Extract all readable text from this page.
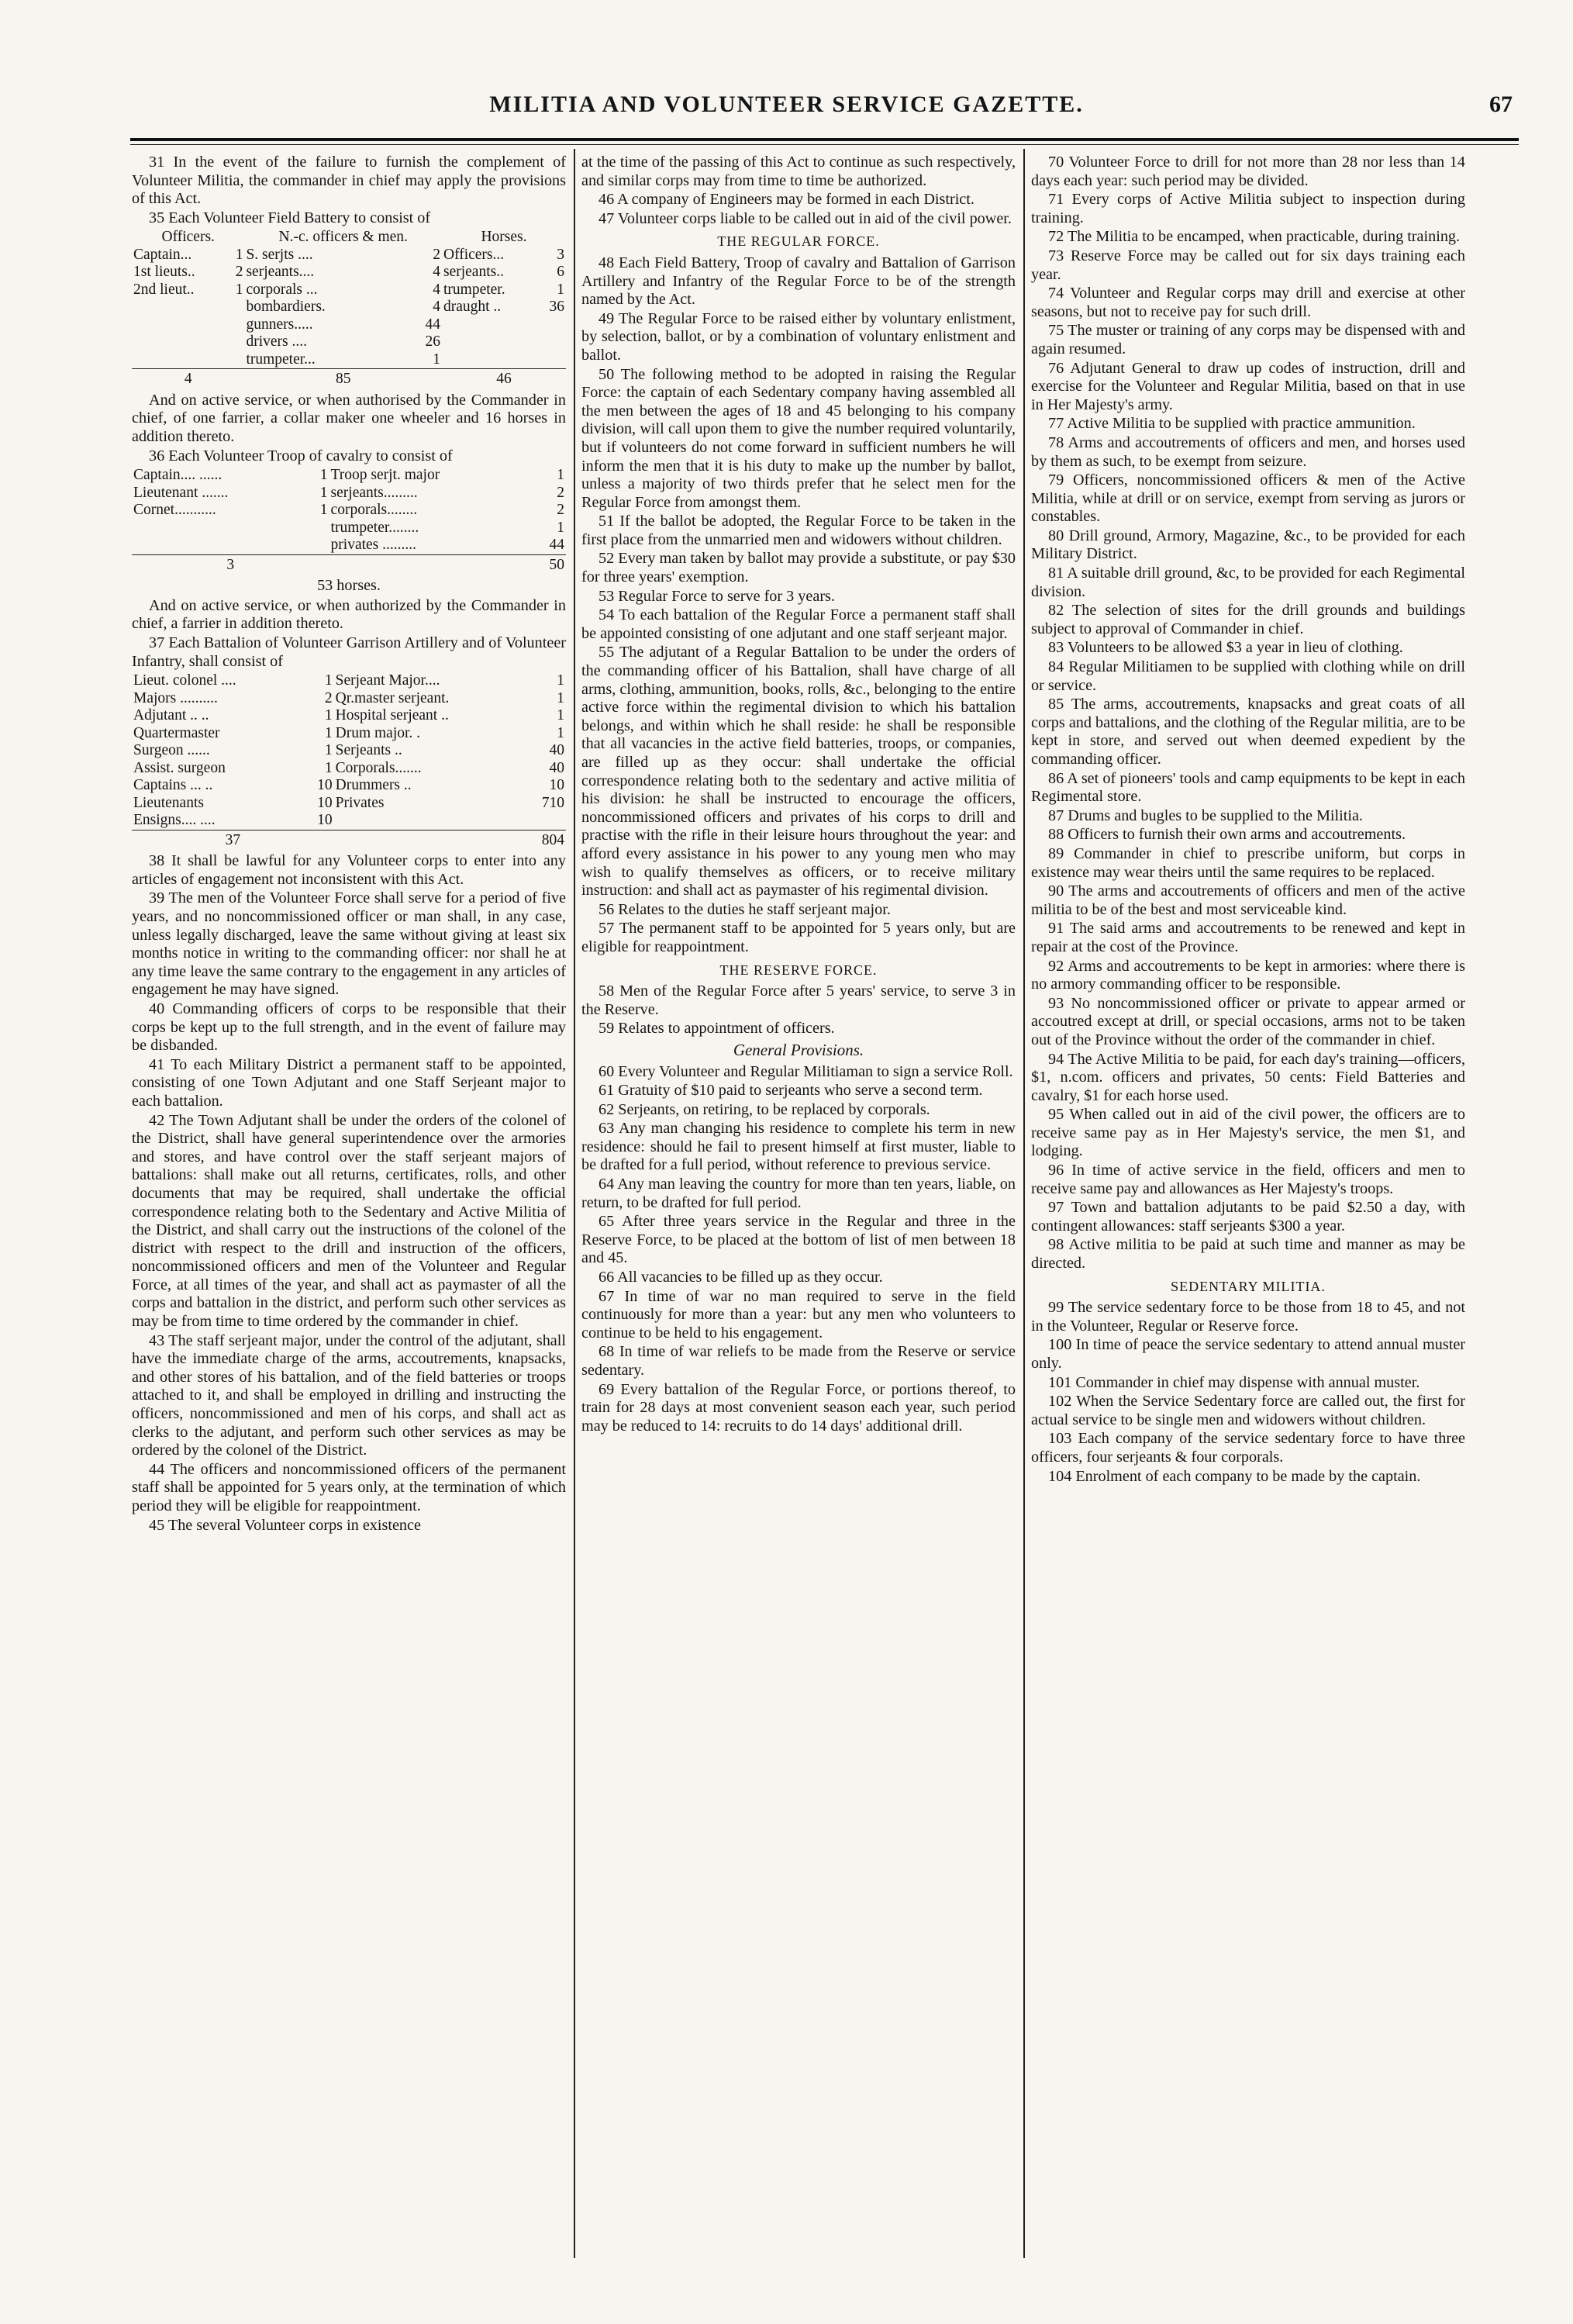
MILITIA AND VOLUNTEER SERVICE GAZETTE.	67

31 In the event of the failure to furnish the complement of Volunteer Militia, the commander in chief may apply the provisions of this Act.

35 Each Volunteer Field Battery to consist of

Officers.		N.-c. officers & men.		Horses.	
Captain...	1	S. serjts ....	2	Officers...	3
1st lieuts..	2	serjeants....	4	serjeants..	6
2nd lieut..	1	corporals ...	4	trumpeter.	1
		bombardiers.	4	draught ..	36
		gunners.....	44		
		drivers ....	26		
		trumpeter...	1		
4		85		46	

And on active service, or when authorised by the Commander in chief, of one farrier, a collar maker one wheeler and 16 horses in addition thereto.

36 Each Volunteer Troop of cavalry to consist of

Captain.... ......	1	Troop serjt. major	1
Lieutenant .......	1	serjeants.........	2
Cornet...........	1	corporals........	2
		trumpeter........	1
		privates .........	44
3		50	

53 horses.

And on active service, or when authorized by the Commander in chief, a farrier in addition thereto.

37 Each Battalion of Volunteer Garrison Artillery and of Volunteer Infantry, shall consist of

Lieut. colonel ....	1	Serjeant Major....	1
Majors ..........	2	Qr.master serjeant.	1
Adjutant .. ..	1	Hospital serjeant ..	1
Quartermaster	1	Drum major. .	1
Surgeon ......	1	Serjeants ..	40
Assist. surgeon	1	Corporals.......	40
Captains ... ..	10	Drummers ..	10
Lieutenants	10	Privates	710
Ensigns.... ....	10		
37		804	

38 It shall be lawful for any Volunteer corps to enter into any articles of engagement not inconsistent with this Act.

39 The men of the Volunteer Force shall serve for a period of five years, and no noncommissioned officer or man shall, in any case, unless legally discharged, leave the same without giving at least six months notice in writing to the commanding officer: nor shall he at any time leave the same contrary to the engagement in any articles of engagement he may have signed.

40 Commanding officers of corps to be responsible that their corps be kept up to the full strength, and in the event of failure may be disbanded.

41 To each Military District a permanent staff to be appointed, consisting of one Town Adjutant and one Staff Serjeant major to each battalion.

42 The Town Adjutant shall be under the orders of the colonel of the District, shall have general superintendence over the armories and stores, and have control over the staff serjeant majors of battalions: shall make out all returns, certificates, rolls, and other documents that may be required, shall undertake the official correspondence relating both to the Sedentary and Active Militia of the District, and shall carry out the instructions of the colonel of the district with respect to the drill and instruction of the officers, noncommissioned officers and men of the Volunteer and Regular Force, at all times of the year, and shall act as paymaster of all the corps and battalion in the district, and perform such other services as may be from time to time ordered by the commander in chief.

43 The staff serjeant major, under the control of the adjutant, shall have the immediate charge of the arms, accoutrements, knapsacks, and other stores of his battalion, and of the field batteries or troops attached to it, and shall be employed in drilling and instructing the officers, noncommissioned and men of his corps, and shall act as clerks to the adjutant, and perform such other services as may be ordered by the colonel of the District.

44 The officers and noncommissioned officers of the permanent staff shall be appointed for 5 years only, at the termination of which period they will be eligible for reappointment.

45 The several Volunteer corps in existence

at the time of the passing of this Act to continue as such respectively, and similar corps may from time to time be authorized.

46 A company of Engineers may be formed in each District.

47 Volunteer corps liable to be called out in aid of the civil power.

THE REGULAR FORCE.

48 Each Field Battery, Troop of cavalry and Battalion of Garrison Artillery and Infantry of the Regular Force to be of the strength named by the Act.

49 The Regular Force to be raised either by voluntary enlistment, by selection, ballot, or by a combination of voluntary enlistment and ballot.

50 The following method to be adopted in raising the Regular Force: the captain of each Sedentary company having assembled all the men between the ages of 18 and 45 belonging to his company division, will call upon them to give the number required voluntarily, but if volunteers do not come forward in sufficient numbers he will inform the men that it is his duty to make up the number by ballot, unless a majority of two thirds prefer that he select men for the Regular Force from amongst them.

51 If the ballot be adopted, the Regular Force to be taken in the first place from the unmarried men and widowers without children.

52 Every man taken by ballot may provide a substitute, or pay $30 for three years' exemption.

53 Regular Force to serve for 3 years.

54 To each battalion of the Regular Force a permanent staff shall be appointed consisting of one adjutant and one staff serjeant major.

55 The adjutant of a Regular Battalion to be under the orders of the commanding officer of his Battalion, shall have charge of all arms, clothing, ammunition, books, rolls, &c., belonging to the entire active force within the regimental division to which his battalion belongs, and within which he shall reside: he shall be responsible that all vacancies in the active field batteries, troops, or companies, are filled up as they occur: shall undertake the official correspondence relating both to the sedentary and active militia of his division: he shall be instructed to encourage the officers, noncommissioned officers and privates of his corps to drill and practise with the rifle in their leisure hours throughout the year: and afford every assistance in his power to any young men who may wish to qualify themselves as officers, or to receive military instruction: and shall act as paymaster of his regimental division.

56 Relates to the duties he staff serjeant major.

57 The permanent staff to be appointed for 5 years only, but are eligible for reappointment.

THE RESERVE FORCE.

58 Men of the Regular Force after 5 years' service, to serve 3 in the Reserve.

59 Relates to appointment of officers.

General Provisions.

60 Every Volunteer and Regular Militiaman to sign a service Roll.

61 Gratuity of $10 paid to serjeants who serve a second term.

62 Serjeants, on retiring, to be replaced by corporals.

63 Any man changing his residence to complete his term in new residence: should he fail to present himself at first muster, liable to be drafted for a full period, without reference to previous service.

64 Any man leaving the country for more than ten years, liable, on return, to be drafted for full period.

65 After three years service in the Regular and three in the Reserve Force, to be placed at the bottom of list of men between 18 and 45.

66 All vacancies to be filled up as they occur.

67 In time of war no man required to serve in the field continuously for more than a year: but any men who volunteers to continue to be held to his engagement.

68 In time of war reliefs to be made from the Reserve or service sedentary.

69 Every battalion of the Regular Force, or portions thereof, to train for 28 days at most convenient season each year, such period may be reduced to 14: recruits to do 14 days' additional drill.

70 Volunteer Force to drill for not more than 28 nor less than 14 days each year: such period may be divided.

71 Every corps of Active Militia subject to inspection during training.

72 The Militia to be encamped, when practicable, during training.

73 Reserve Force may be called out for six days training each year.

74 Volunteer and Regular corps may drill and exercise at other seasons, but not to receive pay for such drill.

75 The muster or training of any corps may be dispensed with and again resumed.

76 Adjutant General to draw up codes of instruction, drill and exercise for the Volunteer and Regular Militia, based on that in use in Her Majesty's army.

77 Active Militia to be supplied with practice ammunition.

78 Arms and accoutrements of officers and men, and horses used by them as such, to be exempt from seizure.

79 Officers, noncommissioned officers & men of the Active Militia, while at drill or on service, exempt from serving as jurors or constables.

80 Drill ground, Armory, Magazine, &c., to be provided for each Military District.

81 A suitable drill ground, &c, to be provided for each Regimental division.

82 The selection of sites for the drill grounds and buildings subject to approval of Commander in chief.

83 Volunteers to be allowed $3 a year in lieu of clothing.

84 Regular Militiamen to be supplied with clothing while on drill or service.

85 The arms, accoutrements, knapsacks and great coats of all corps and battalions, and the clothing of the Regular militia, are to be kept in store, and served out when deemed expedient by the commanding officer.

86 A set of pioneers' tools and camp equipments to be kept in each Regimental store.

87 Drums and bugles to be supplied to the Militia.

88 Officers to furnish their own arms and accoutrements.

89 Commander in chief to prescribe uniform, but corps in existence may wear theirs until the same requires to be replaced.

90 The arms and accoutrements of officers and men of the active militia to be of the best and most serviceable kind.

91 The said arms and accoutrements to be renewed and kept in repair at the cost of the Province.

92 Arms and accoutrements to be kept in armories: where there is no armory commanding officer to be responsible.

93 No noncommissioned officer or private to appear armed or accoutred except at drill, or special occasions, arms not to be taken out of the Province without the order of the commander in chief.

94 The Active Militia to be paid, for each day's training—officers, $1, n.com. officers and privates, 50 cents: Field Batteries and cavalry, $1 for each horse used.

95 When called out in aid of the civil power, the officers are to receive same pay as in Her Majesty's service, the men $1, and lodging.

96 In time of active service in the field, officers and men to receive same pay and allowances as Her Majesty's troops.

97 Town and battalion adjutants to be paid $2.50 a day, with contingent allowances: staff serjeants $300 a year.

98 Active militia to be paid at such time and manner as may be directed.

SEDENTARY MILITIA.

99 The service sedentary force to be those from 18 to 45, and not in the Volunteer, Regular or Reserve force.

100 In time of peace the service sedentary to attend annual muster only.

101 Commander in chief may dispense with annual muster.

102 When the Service Sedentary force are called out, the first for actual service to be single men and widowers without children.

103 Each company of the service sedentary force to have three officers, four serjeants & four corporals.

104 Enrolment of each company to be made by the captain.
